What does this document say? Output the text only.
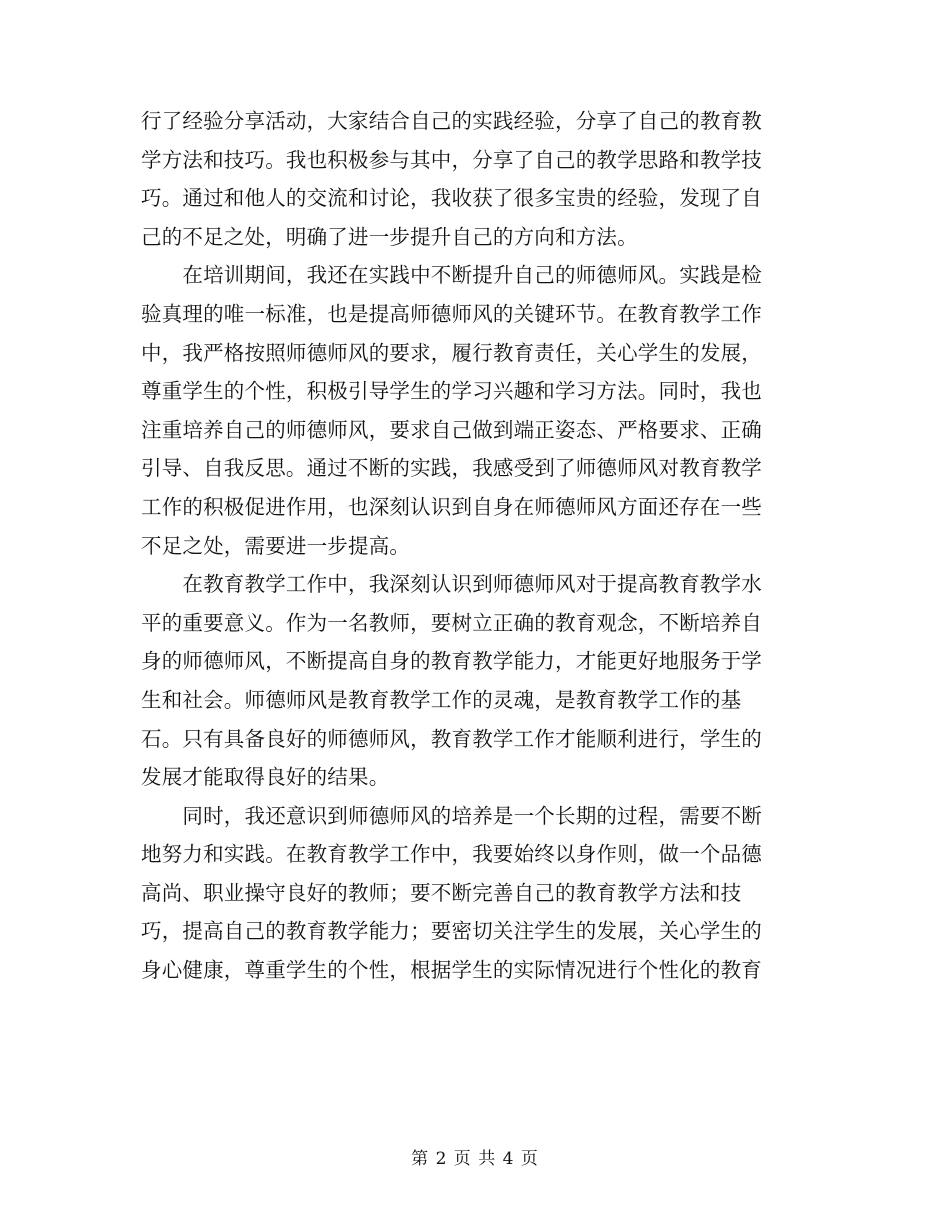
行了经验分享活动，大家结合自己的实践经验，分享了自己的教育教
学方法和技巧。我也积极参与其中，分享了自己的教学思路和教学技
巧。通过和他人的交流和讨论，我收获了很多宝贵的经验，发现了自
己的不足之处，明确了进一步提升自己的方向和方法。
　　在培训期间，我还在实践中不断提升自己的师德师风。实践是检
验真理的唯一标准，也是提高师德师风的关键环节。在教育教学工作
中，我严格按照师德师风的要求，履行教育责任，关心学生的发展，
尊重学生的个性，积极引导学生的学习兴趣和学习方法。同时，我也
注重培养自己的师德师风，要求自己做到端正姿态、严格要求、正确
引导、自我反思。通过不断的实践，我感受到了师德师风对教育教学
工作的积极促进作用，也深刻认识到自身在师德师风方面还存在一些
不足之处，需要进一步提高。
　　在教育教学工作中，我深刻认识到师德师风对于提高教育教学水
平的重要意义。作为一名教师，要树立正确的教育观念，不断培养自
身的师德师风，不断提高自身的教育教学能力，才能更好地服务于学
生和社会。师德师风是教育教学工作的灵魂，是教育教学工作的基
石。只有具备良好的师德师风，教育教学工作才能顺利进行，学生的
发展才能取得良好的结果。
　　同时，我还意识到师德师风的培养是一个长期的过程，需要不断
地努力和实践。在教育教学工作中，我要始终以身作则，做一个品德
高尚、职业操守良好的教师；要不断完善自己的教育教学方法和技
巧，提高自己的教育教学能力；要密切关注学生的发展，关心学生的
身心健康，尊重学生的个性，根据学生的实际情况进行个性化的教育
第 2 页 共 4 页
